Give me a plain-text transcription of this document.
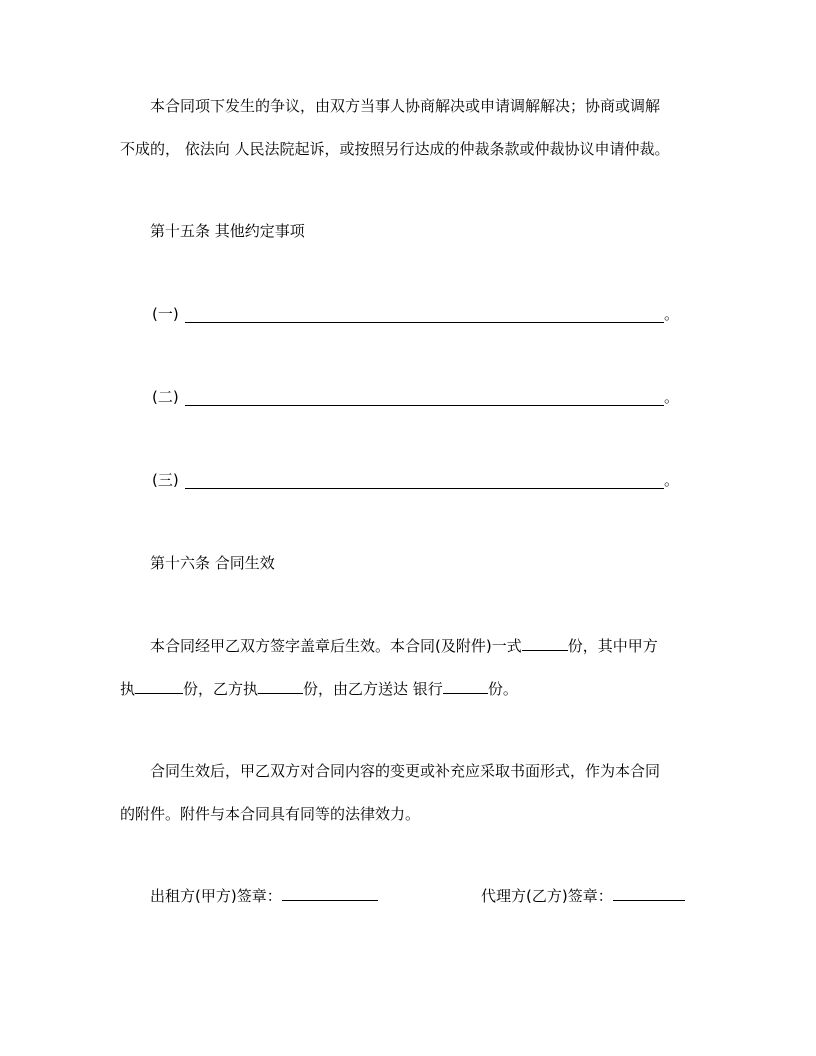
本合同项下发生的争议，由双方当事人协商解决或申请调解解决；协商或调解
不成的， 依法向 人民法院起诉，或按照另行达成的仲裁条款或仲裁协议申请仲裁。
第十五条 其他约定事项
(一)	。
(二)	。
(三)	。
第十六条 合同生效
本合同经甲乙双方签字盖章后生效。本合同(及附件)一式	份，其中甲方
执	份，乙方执	份，由乙方送达 银行	份。
合同生效后，甲乙双方对合同内容的变更或补充应采取书面形式，作为本合同
的附件。附件与本合同具有同等的法律效力。
出租方(甲方)签章：	代理方(乙方)签章：
